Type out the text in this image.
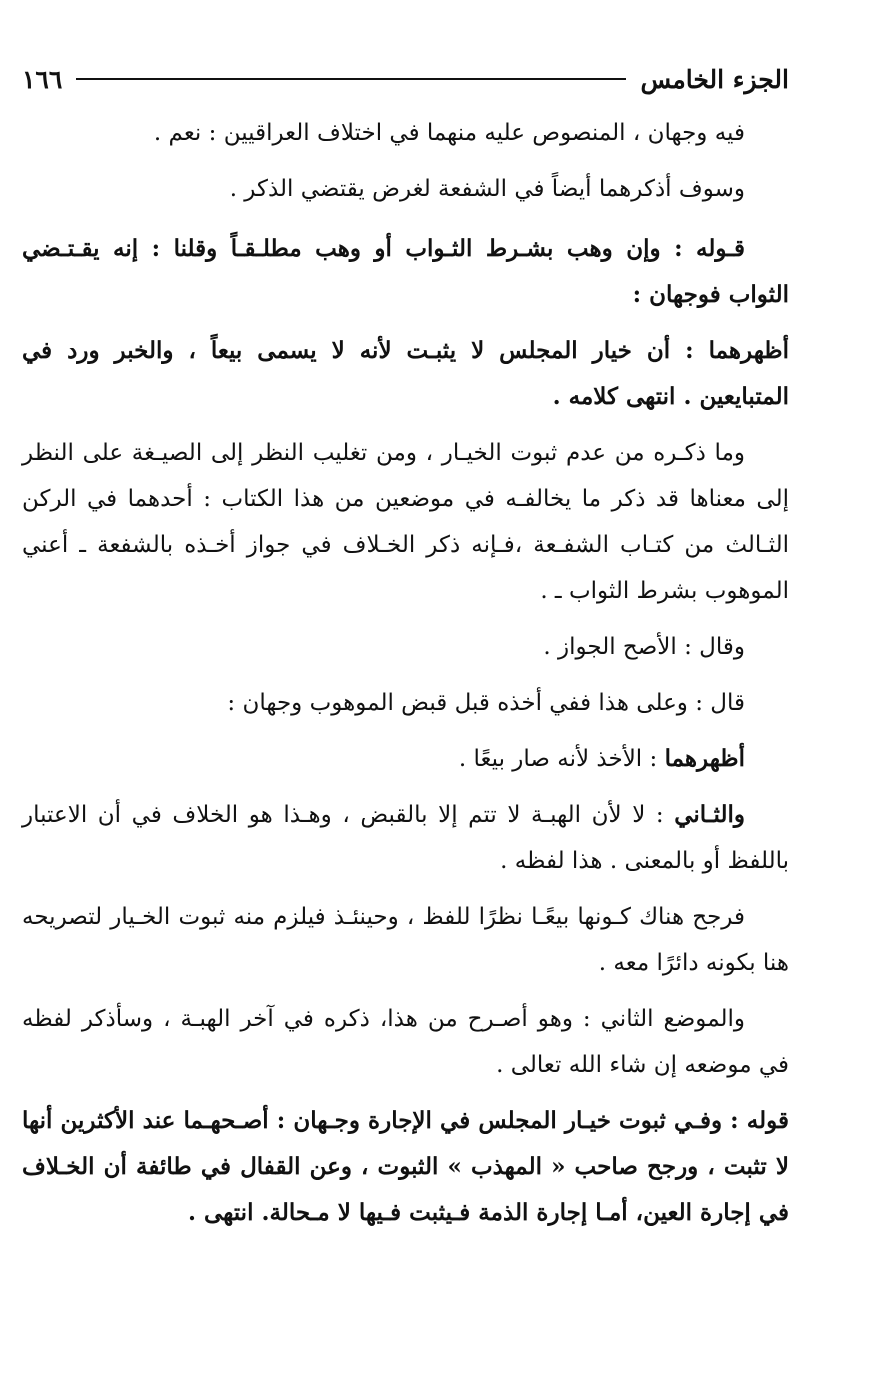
الجزء الخامس
١٦٦

فيه وجهان ، المنصوص عليه منهما في اختلاف العراقيين : نعم .

وسوف أذكرهما أيضاً في الشفعة لغرض يقتضي الذكر .

قـوله : وإن وهب بشـرط الثـواب أو وهب مطلـقـاً وقلنا : إنه يقـتـضي الثواب فوجهان :

أظهرهما : أن خيار المجلس لا يثبـت لأنه لا يسمى بيعاً ، والخبر ورد في المتبايعين . انتهى كلامه .

وما ذكـره من عدم ثبوت الخيـار ، ومن تغليب النظر إلى الصيـغة على النظر إلى معناها قد ذكر ما يخالفـه في موضعين من هذا الكتاب : أحدهما في الركن الثـالث من كتـاب الشفـعة ،فـإنه ذكر الخـلاف في جواز أخـذه بالشفعة ـ أعني الموهوب بشرط الثواب ـ .

وقال : الأصح الجواز .

قال : وعلى هذا ففي أخذه قبل قبض الموهوب وجهان :

أظهرهما : الأخذ لأنه صار بيعًا .

والثـاني : لا لأن الهبـة لا تتم إلا بالقبض ، وهـذا هو الخلاف في أن الاعتبار باللفظ أو بالمعنى . هذا لفظه .

فرجح هناك كـونها بيعًـا نظرًا للفظ ، وحينئـذ فيلزم منه ثبوت الخـيار لتصريحه هنا بكونه دائرًا معه .

والموضع الثاني : وهو أصـرح من هذا، ذكره في آخر الهبـة ، وسأذكر لفظه في موضعه إن شاء الله تعالى .

قوله : وفـي ثبوت خيـار المجلس في الإجارة وجـهان : أصـحهـما عند الأكثرين أنها لا تثبت ، ورجح صاحب « المهذب » الثبوت ، وعن القفال في طائفة أن الخـلاف في إجارة العين، أمـا إجارة الذمة فـيثبت فـيها لا مـحالة. انتهى .
